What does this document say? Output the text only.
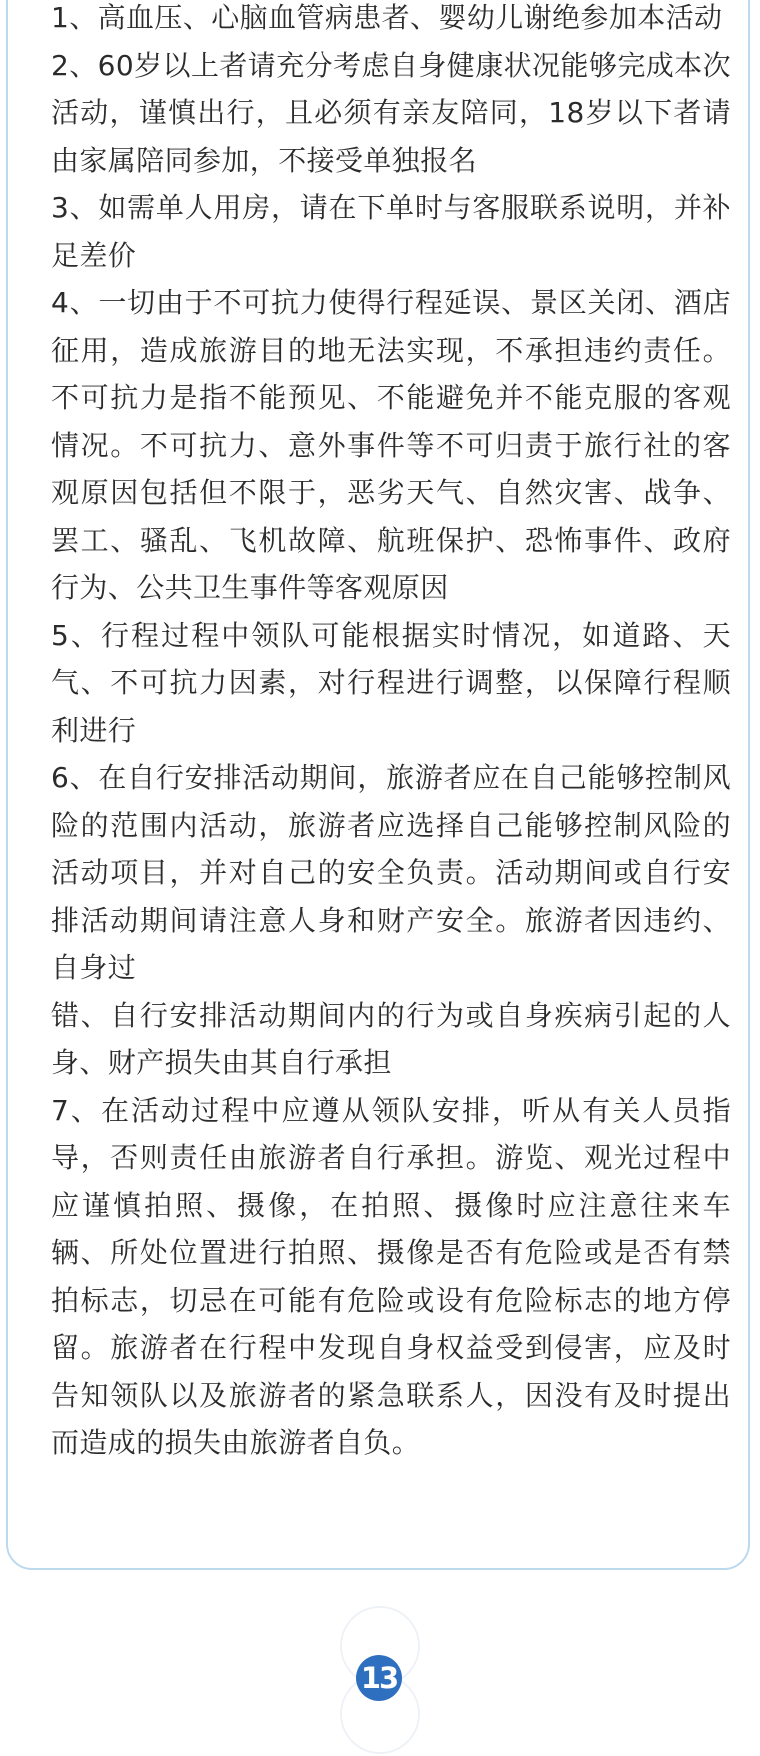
1、高血压、心脑血管病患者、婴幼儿谢绝参加本活动

2、60岁以上者请充分考虑自身健康状况能够完成本次活动，谨慎出行，且必须有亲友陪同，18岁以下者请由家属陪同参加，不接受单独报名

3、如需单人用房，请在下单时与客服联系说明，并补足差价

4、一切由于不可抗力使得行程延误、景区关闭、酒店征用，造成旅游目的地无法实现，不承担违约责任。不可抗力是指不能预见、不能避免并不能克服的客观情况。不可抗力、意外事件等不可归责于旅行社的客观原因包括但不限于，恶劣天气、自然灾害、战争、罢工、骚乱、飞机故障、航班保护、恐怖事件、政府行为、公共卫生事件等客观原因

5、行程过程中领队可能根据实时情况，如道路、天气、不可抗力因素，对行程进行调整，以保障行程顺利进行

6、在自行安排活动期间，旅游者应在自己能够控制风险的范围内活动，旅游者应选择自己能够控制风险的活动项目，并对自己的安全负责。活动期间或自行安排活动期间请注意人身和财产安全。旅游者因违约、自身过

错、自行安排活动期间内的行为或自身疾病引起的人身、财产损失由其自行承担

7、在活动过程中应遵从领队安排，听从有关人员指导，否则责任由旅游者自行承担。游览、观光过程中应谨慎拍照、摄像，在拍照、摄像时应注意往来车辆、所处位置进行拍照、摄像是否有危险或是否有禁拍标志，切忌在可能有危险或设有危险标志的地方停留。旅游者在行程中发现自身权益受到侵害，应及时告知领队以及旅游者的紧急联系人，因没有及时提出而造成的损失由旅游者自负。

13
